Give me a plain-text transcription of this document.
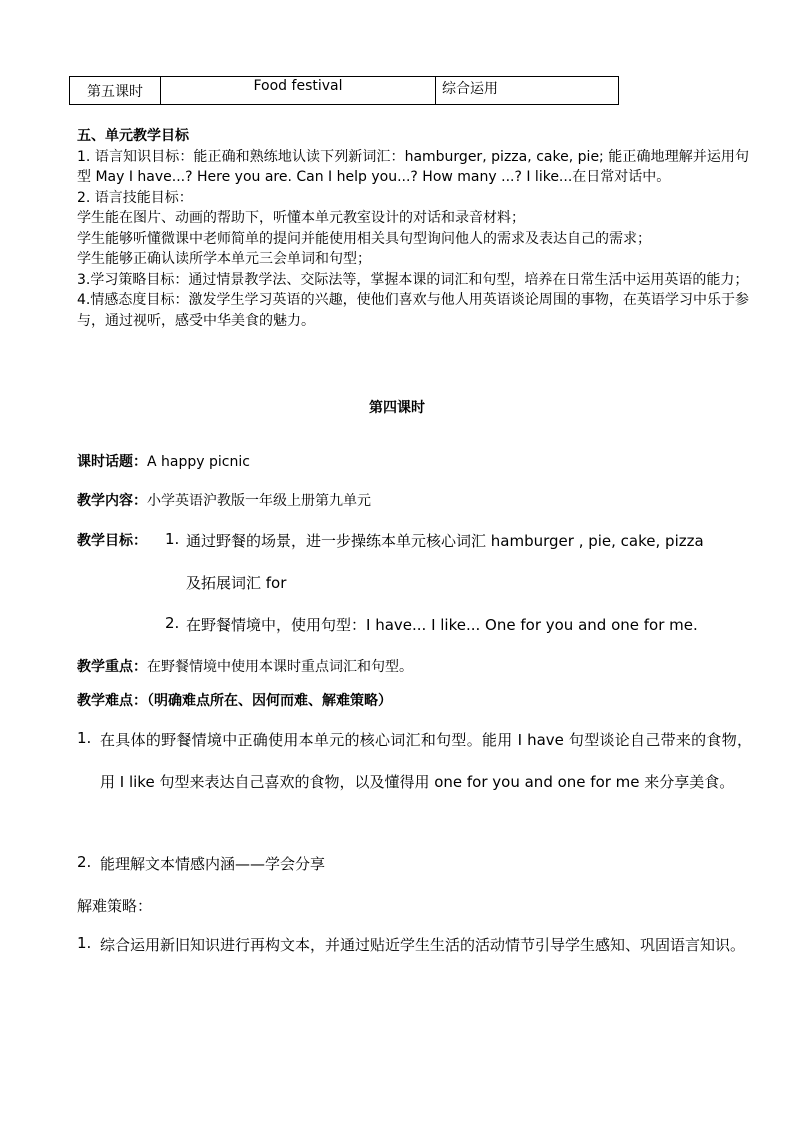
第五课时	Food festival	综合运用

五、单元教学目标

1. 语言知识目标：能正确和熟练地认读下列新词汇：hamburger, pizza, cake, pie; 能正确地理解并运用句型 May I have...? Here you are. Can I help you...? How many ...? I like...在日常对话中。

2. 语言技能目标：

学生能在图片、动画的帮助下，听懂本单元教室设计的对话和录音材料；

学生能够听懂微课中老师简单的提问并能使用相关具句型询问他人的需求及表达自己的需求；

学生能够正确认读所学本单元三会单词和句型；

3.学习策略目标：通过情景教学法、交际法等，掌握本课的词汇和句型，培养在日常生活中运用英语的能力；

4.情感态度目标：激发学生学习英语的兴趣，使他们喜欢与他人用英语谈论周围的事物，在英语学习中乐于参与，通过视听，感受中华美食的魅力。

第四课时
课时话题：A happy picnic
教学内容：小学英语沪教版一年级上册第九单元
教学目标：	1. 通过野餐的场景，进一步操练本单元核心词汇 hamburger , pie, cake, pizza
及拓展词汇 for
2. 在野餐情境中，使用句型：I have... I like... One for you and one for me.
教学重点：在野餐情境中使用本课时重点词汇和句型。
教学难点：（明确难点所在、因何而难、解难策略）
1. 在具体的野餐情境中正确使用本单元的核心词汇和句型。能用 I have 句型谈论自己带来的食物，用 I like 句型来表达自己喜欢的食物，以及懂得用 one for you and one for me 来分享美食。
2. 能理解文本情感内涵——学会分享
解难策略：
1. 综合运用新旧知识进行再构文本，并通过贴近学生生活的活动情节引导学生感知、巩固语言知识。
